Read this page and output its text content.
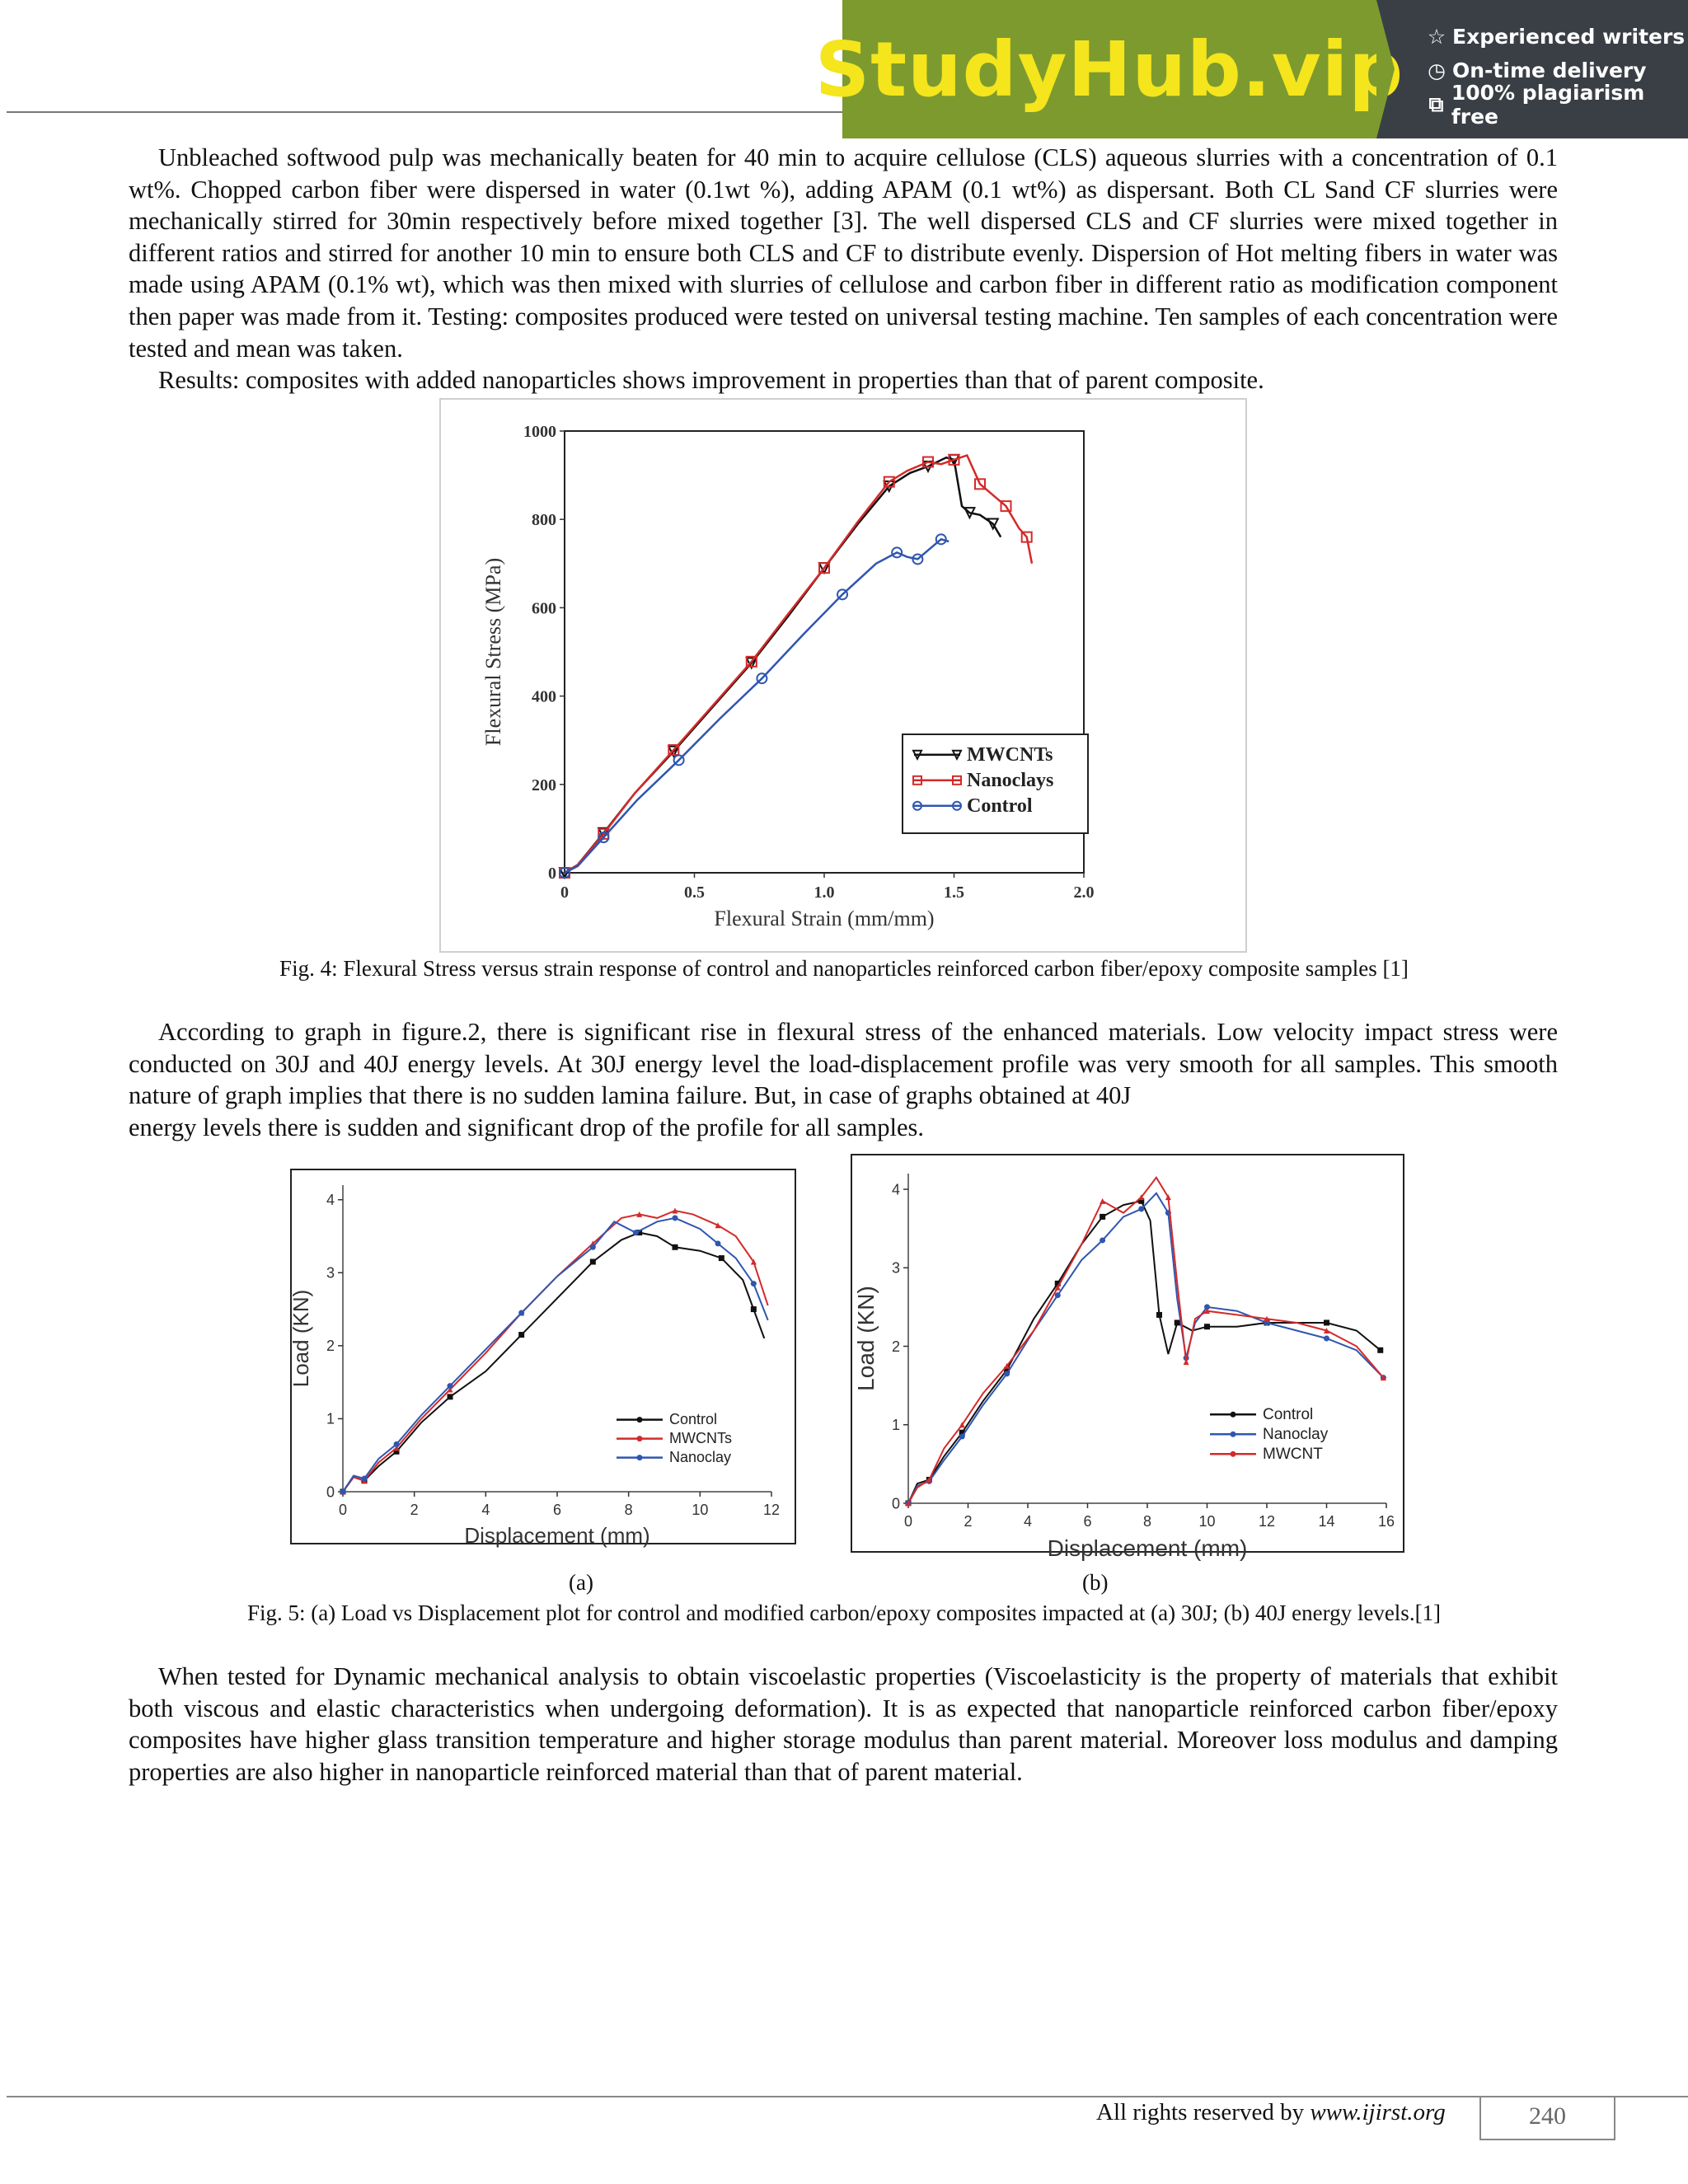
StudyHub.vip ☆ Experienced writers
◷ On-time delivery
⧉ 100% plagiarism free

Unbleached softwood pulp was mechanically beaten for 40 min to acquire cellulose (CLS) aqueous slurries with a concentration of 0.1 wt%. Chopped carbon fiber were dispersed in water (0.1wt %), adding APAM (0.1 wt%) as dispersant. Both CL Sand CF slurries were mechanically stirred for 30min respectively before mixed together [3]. The well dispersed CLS and CF slurries were mixed together in different ratios and stirred for another 10 min to ensure both CLS and CF to distribute evenly. Dispersion of Hot melting fibers in water was made using APAM (0.1% wt), which was then mixed with slurries of cellulose and carbon fiber in different ratio as modification component then paper was made from it. Testing: composites produced were tested on universal testing machine. Ten samples of each concentration were tested and mean was taken.

Results: composites with added nanoparticles shows improvement in properties than that of parent composite.

0	0.5	1.0	1.5	2.0
0
200
400
600
800
1000
Flexural Strain (mm/mm)
Flexural Stress (MPa)
MWCNTs
Nanoclays
Control
Fig. 4: Flexural Stress versus strain response of control and nanoparticles reinforced carbon fiber/epoxy composite samples [1]

According to graph in figure.2, there is significant rise in flexural stress of the enhanced materials. Low velocity impact stress were conducted on 30J and 40J energy levels. At 30J energy level the load-displacement profile was very smooth for all samples. This smooth nature of graph implies that there is no sudden lamina failure. But, in case of graphs obtained at 40J

energy levels there is sudden and significant drop of the profile for all samples.
0	2	4	6	8	10	12
0
1
2
3
4
Displacement (mm)
Load (KN)
Control
MWCNTs
Nanoclay
0	2	4	6	8	10	12	14	16
0
1
2
3
4
Displacement (mm)
Load (KN)
Control
Nanoclay
MWCNT
(a)	(b)
Fig. 5: (a) Load vs Displacement plot for control and modified carbon/epoxy composites impacted at (a) 30J; (b) 40J energy levels.[1]

When tested for Dynamic mechanical analysis to obtain viscoelastic properties (Viscoelasticity is the property of materials that exhibit both viscous and elastic characteristics when undergoing deformation). It is as expected that nanoparticle reinforced carbon fiber/epoxy composites have higher glass transition temperature and higher storage modulus than parent material. Moreover loss modulus and damping properties are also higher in nanoparticle reinforced material than that of parent material.

All rights reserved by www.ijirst.org	240
